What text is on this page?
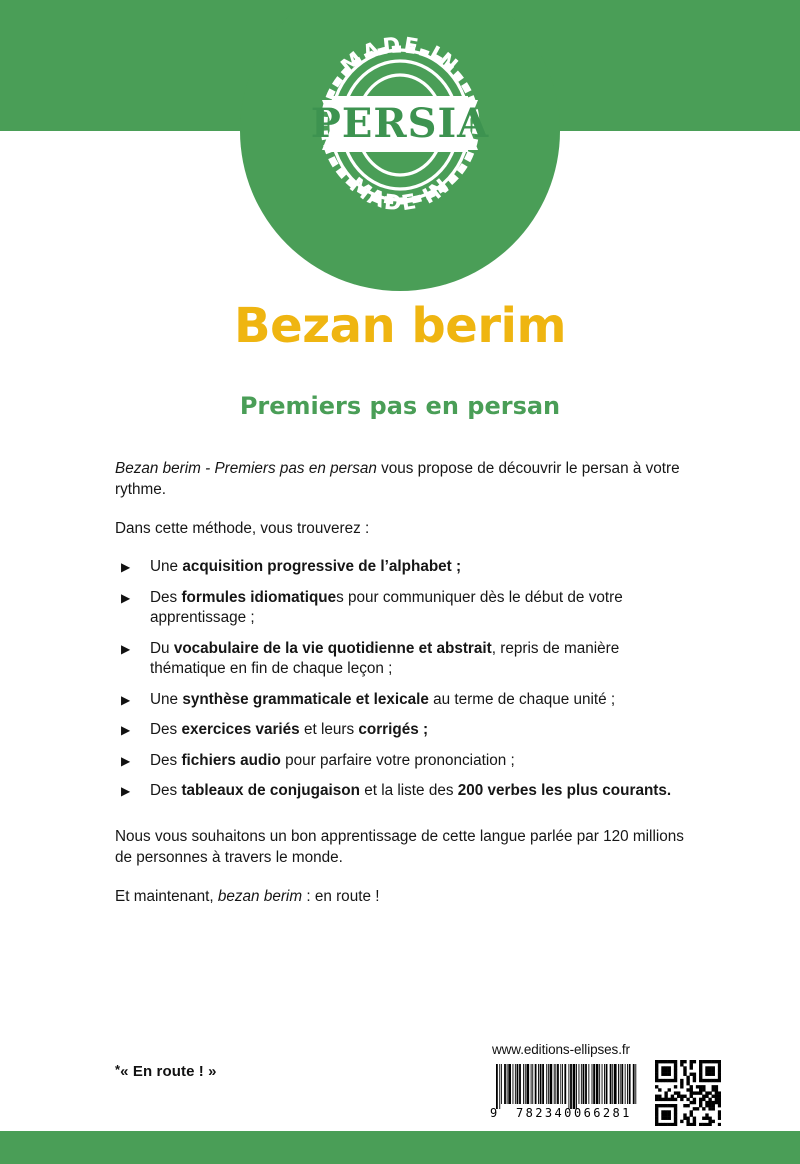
MADE IN
MADE IN
PERSIA
Bezan berim
Premiers pas en persan

Bezan berim - Premiers pas en persan vous propose de découvrir le persan à votre rythme.

Dans cette méthode, vous trouverez :

▶ Une acquisition progressive de l’alphabet ;
▶ Des formules idiomatiques pour communiquer dès le début de votre apprentissage ;
▶ Du vocabulaire de la vie quotidienne et abstrait, repris de manière thématique en fin de chaque leçon ;
▶ Une synthèse grammaticale et lexicale au terme de chaque unité ;
▶ Des exercices variés et leurs corrigés ;
▶ Des fichiers audio pour parfaire votre prononciation ;
▶ Des tableaux de conjugaison et la liste des 200 verbes les plus courants.

Nous vous souhaitons un bon apprentissage de cette langue parlée par 120 millions de personnes à travers le monde.

Et maintenant, bezan berim : en route !

*« En route ! »
www.editions-ellipses.fr
9 782340 066281
